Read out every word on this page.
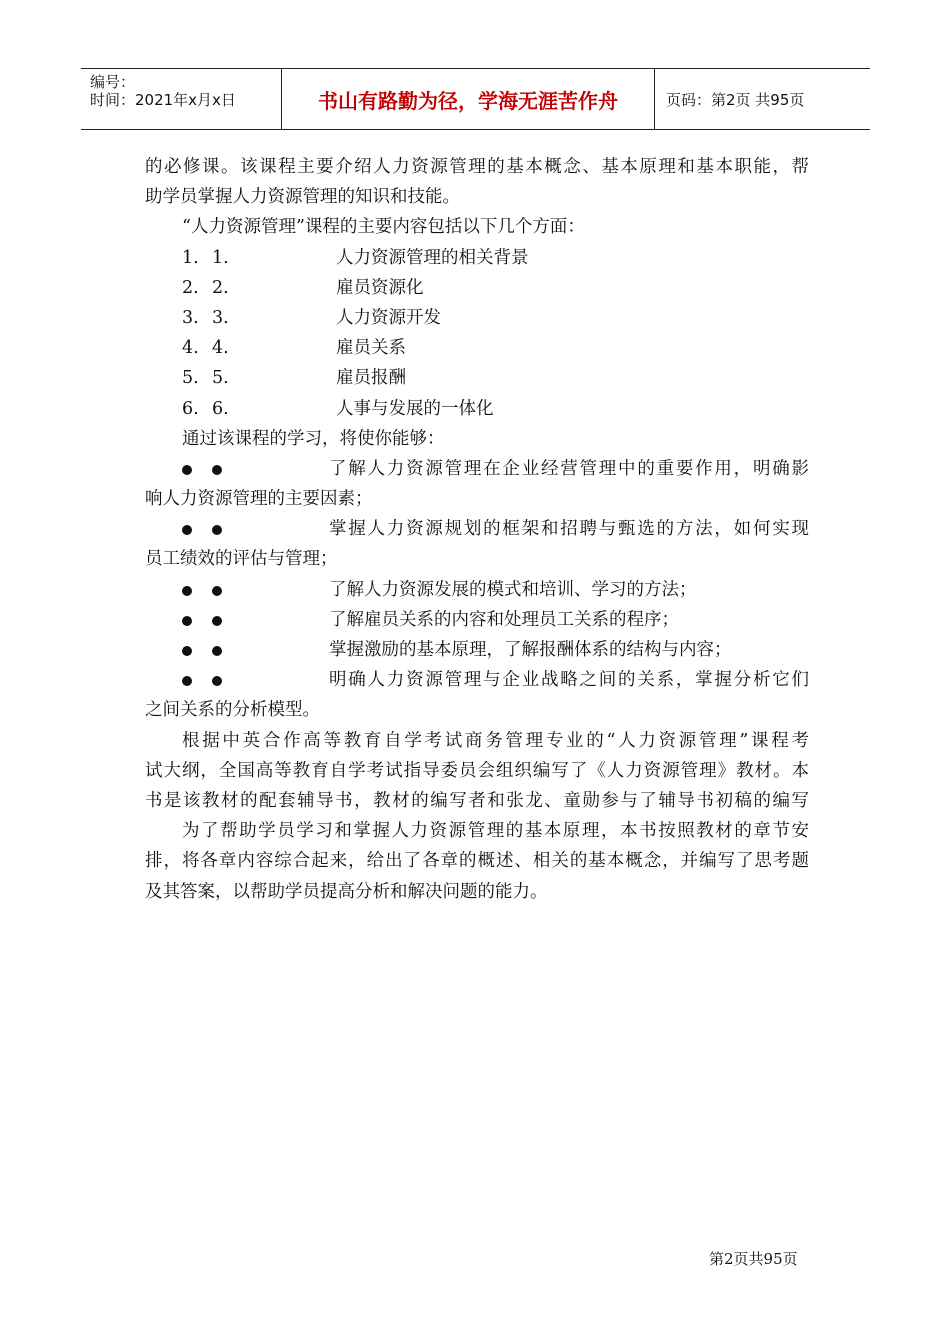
编号：
时间：2021年x月x日	书山有路勤为径，学海无涯苦作舟	页码：第2页 共95页
的必修课。该课程主要介绍人力资源管理的基本概念、基本原理和基本职能，帮
助学员掌握人力资源管理的知识和技能。
“人力资源管理”课程的主要内容包括以下几个方面：
1. 1.	人力资源管理的相关背景
2. 2.	雇员资源化
3. 3.	人力资源开发
4. 4.	雇员关系
5. 5.	雇员报酬
6. 6.	人事与发展的一体化
通过该课程的学习，将使你能够：
了解人力资源管理在企业经营管理中的重要作用，明确影
响人力资源管理的主要因素；
掌握人力资源规划的框架和招聘与甄选的方法，如何实现
员工绩效的评估与管理；
了解人力资源发展的模式和培训、学习的方法；
了解雇员关系的内容和处理员工关系的程序；
掌握激励的基本原理，了解报酬体系的结构与内容；
明确人力资源管理与企业战略之间的关系，掌握分析它们
之间关系的分析模型。
根据中英合作高等教育自学考试商务管理专业的“人力资源管理”课程考
试大纲，全国高等教育自学考试指导委员会组织编写了《人力资源管理》教材。本
书是该教材的配套辅导书，教材的编写者和张龙、童勋参与了辅导书初稿的编写
为了帮助学员学习和掌握人力资源管理的基本原理，本书按照教材的章节安
排，将各章内容综合起来，给出了各章的概述、相关的基本概念，并编写了思考题
及其答案，以帮助学员提高分析和解决问题的能力。
第2页共95页
